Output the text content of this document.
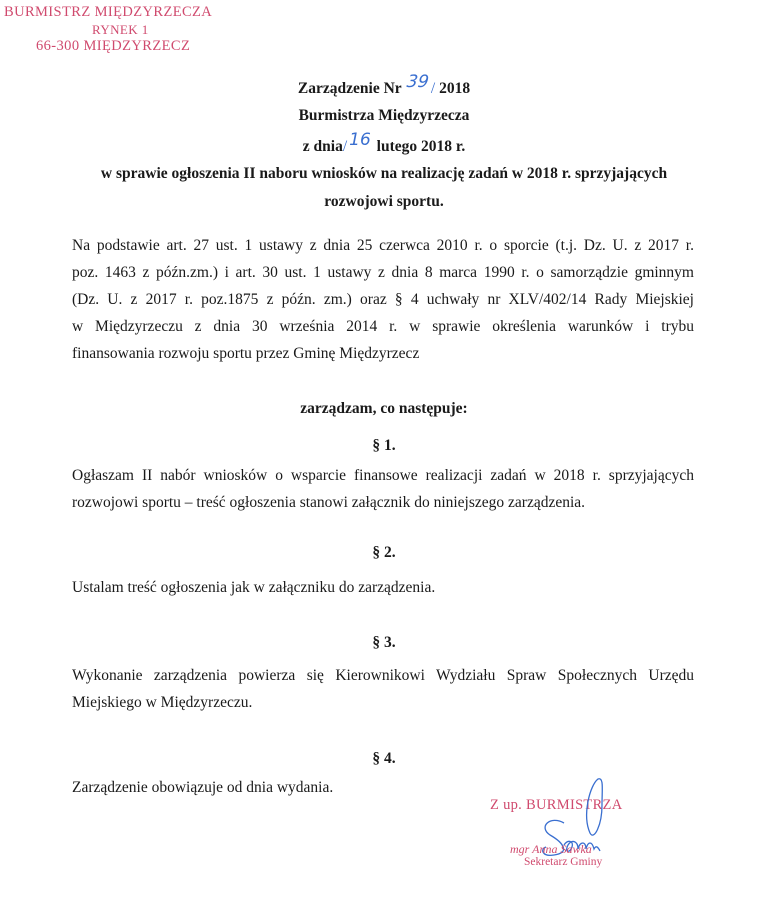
BURMISTRZ MIĘDZYRZECZA
RYNEK 1
66-300 MIĘDZYRZECZ
Zarządzenie Nr 39/ 2018
Burmistrza Międzyrzecza
z dnia/ 16 lutego 2018 r.
w sprawie ogłoszenia II naboru wniosków na realizację zadań w 2018 r. sprzyjających
rozwojowi sportu.
Na podstawie art. 27 ust. 1 ustawy z dnia 25 czerwca 2010 r. o sporcie (t.j. Dz. U. z 2017 r.
poz. 1463 z późn.zm.) i art. 30 ust. 1 ustawy z dnia 8 marca 1990 r. o samorządzie gminnym
(Dz. U. z 2017 r. poz.1875 z późn. zm.) oraz § 4 uchwały nr XLV/402/14 Rady Miejskiej
w Międzyrzeczu z dnia 30 września 2014 r. w sprawie określenia warunków i trybu
finansowania rozwoju sportu przez Gminę Międzyrzecz
zarządzam, co następuje:
§ 1.
Ogłaszam II nabór wniosków o wsparcie finansowe realizacji zadań w 2018 r. sprzyjających
rozwojowi sportu – treść ogłoszenia stanowi załącznik do niniejszego zarządzenia.
§ 2.
Ustalam treść ogłoszenia jak w załączniku do zarządzenia.
§ 3.
Wykonanie zarządzenia powierza się Kierownikowi Wydziału Spraw Społecznych Urzędu
Miejskiego w Międzyrzeczu.
§ 4.
Zarządzenie obowiązuje od dnia wydania.
Z up. BURMISTRZA
mgr Anna Sawka
Sekretarz Gminy
